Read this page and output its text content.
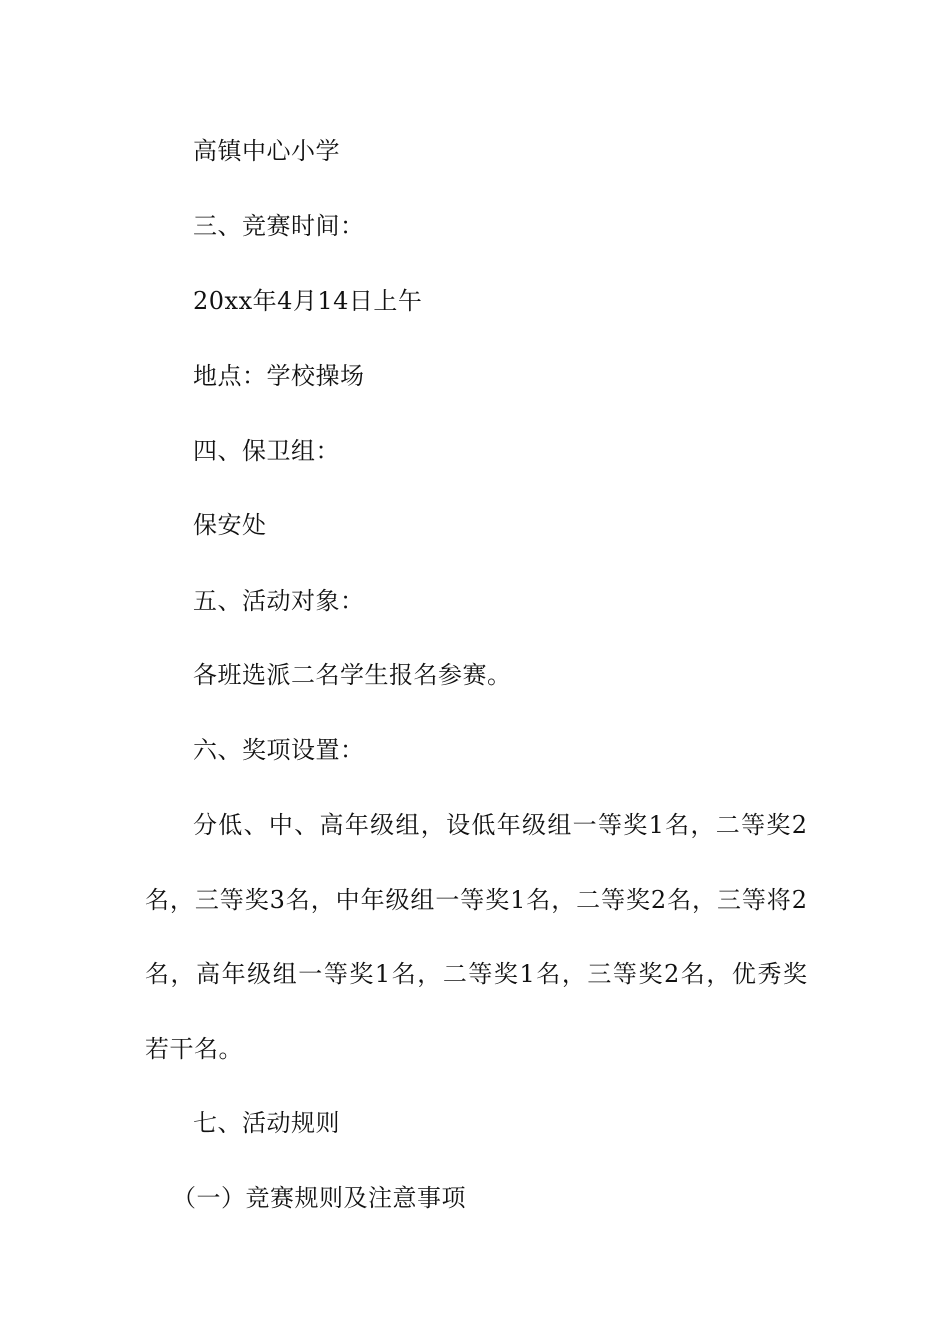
高镇中心小学
三、竞赛时间：
20xx年4月14日上午
地点：学校操场
四、保卫组：
保安处
五、活动对象：
各班选派二名学生报名参赛。
六、奖项设置：
分低、中、高年级组，设低年级组一等奖1名，二等奖2
名，三等奖3名，中年级组一等奖1名，二等奖2名，三等将2
名，高年级组一等奖1名，二等奖1名，三等奖2名，优秀奖
若干名。
七、活动规则
（一）竞赛规则及注意事项
